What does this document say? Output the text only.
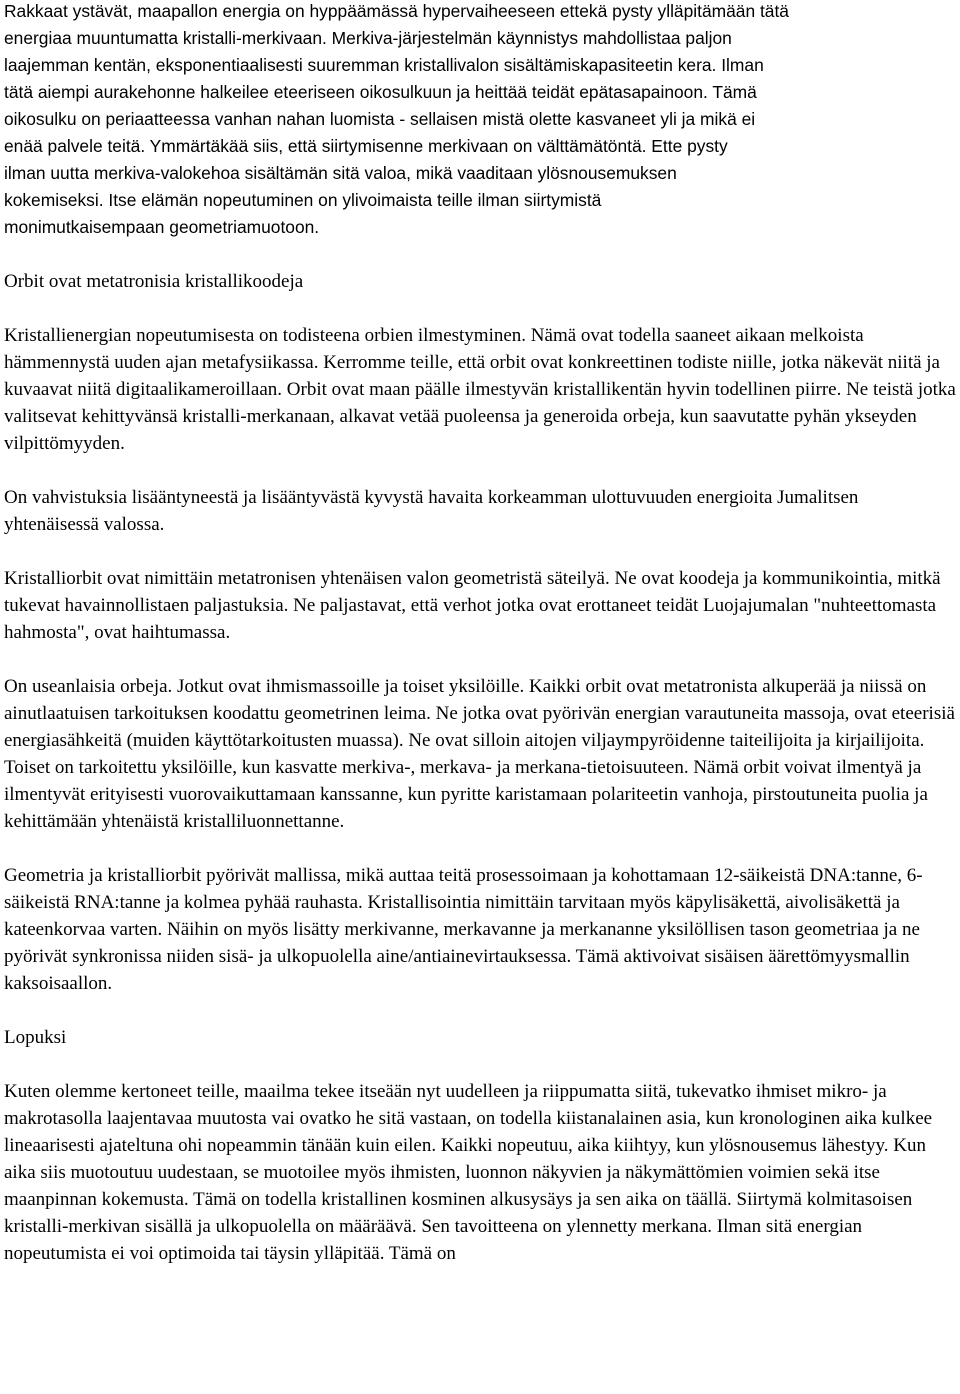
Rakkaat ystävät, maapallon energia on hyppäämässä hypervaiheeseen ettekä pysty ylläpitämään tätä
energiaa muuntumatta kristalli-merkivaan. Merkiva-järjestelmän käynnistys mahdollistaa paljon
laajemman kentän, eksponentiaalisesti suuremman kristallivalon sisältämiskapasiteetin kera. Ilman
tätä aiempi aurakehonne halkeilee eteeriseen oikosulkuun ja heittää teidät epätasapainoon. Tämä
oikosulku on periaatteessa vanhan nahan luomista - sellaisen mistä olette kasvaneet yli ja mikä ei
enää palvele teitä. Ymmärtäkää siis, että siirtymisenne merkivaan on välttämätöntä. Ette pysty
ilman uutta merkiva-valokehoa sisältämän sitä valoa, mikä vaaditaan ylösnousemuksen
kokemiseksi. Itse elämän nopeutuminen on ylivoimaista teille ilman siirtymistä
monimutkaisempaan geometriamuotoon.
Orbit ovat metatronisia kristallikoodeja

Kristallienergian nopeutumisesta on todisteena orbien ilmestyminen. Nämä ovat todella saaneet aikaan melkoista hämmennystä uuden ajan metafysiikassa. Kerromme teille, että orbit ovat konkreettinen todiste niille, jotka näkevät niitä ja kuvaavat niitä digitaalikameroillaan. Orbit ovat maan päälle ilmestyvän kristallikentän hyvin todellinen piirre. Ne teistä jotka valitsevat kehittyvänsä kristalli-merkanaan, alkavat vetää puoleensa ja generoida orbeja, kun saavutatte pyhän ykseyden vilpittömyyden.

On vahvistuksia lisääntyneestä ja lisääntyvästä kyvystä havaita korkeamman ulottuvuuden energioita Jumalitsen yhtenäisessä valossa.

Kristalliorbit ovat nimittäin metatronisen yhtenäisen valon geometristä säteilyä. Ne ovat koodeja ja kommunikointia, mitkä tukevat havainnollistaen paljastuksia. Ne paljastavat, että verhot jotka ovat erottaneet teidät Luojajumalan "nuhteettomasta hahmosta", ovat haihtumassa.

On useanlaisia orbeja. Jotkut ovat ihmismassoille ja toiset yksilöille. Kaikki orbit ovat metatronista alkuperää ja niissä on ainutlaatuisen tarkoituksen koodattu geometrinen leima. Ne jotka ovat pyörivän energian varautuneita massoja, ovat eteerisiä energiasähkeitä (muiden käyttötarkoitusten muassa). Ne ovat silloin aitojen viljaympyröidenne taiteilijoita ja kirjailijoita. Toiset on tarkoitettu yksilöille, kun kasvatte merkiva-, merkava- ja merkana-tietoisuuteen. Nämä orbit voivat ilmentyä ja ilmentyvät erityisesti vuorovaikuttamaan kanssanne, kun pyritte karistamaan polariteetin vanhoja, pirstoutuneita puolia ja kehittämään yhtenäistä kristalliluonnettanne.

Geometria ja kristalliorbit pyörivät mallissa, mikä auttaa teitä prosessoimaan ja kohottamaan 12-säikeistä DNA:tanne, 6-säikeistä RNA:tanne ja kolmea pyhää rauhasta. Kristallisointia nimittäin tarvitaan myös käpylisäkettä, aivolisäkettä ja kateenkorvaa varten. Näihin on myös lisätty merkivanne, merkavanne ja merkananne yksilöllisen tason geometriaa ja ne pyörivät synkronissa niiden sisä- ja ulkopuolella aine/antiainevirtauksessa. Tämä aktivoivat sisäisen äärettömyysmallin kaksoisaallon.

Lopuksi

Kuten olemme kertoneet teille, maailma tekee itseään nyt uudelleen ja riippumatta siitä, tukevatko ihmiset mikro- ja makrotasolla laajentavaa muutosta vai ovatko he sitä vastaan, on todella kiistanalainen asia, kun kronologinen aika kulkee lineaarisesti ajateltuna ohi nopeammin tänään kuin eilen. Kaikki nopeutuu, aika kiihtyy, kun ylösnousemus lähestyy. Kun aika siis muotoutuu uudestaan, se muotoilee myös ihmisten, luonnon näkyvien ja näkymättömien voimien sekä itse maanpinnan kokemusta. Tämä on todella kristallinen kosminen alkusysäys ja sen aika on täällä. Siirtymä kolmitasoisen kristalli-merkivan sisällä ja ulkopuolella on määräävä. Sen tavoitteena on ylennetty merkana. Ilman sitä energian nopeutumista ei voi optimoida tai täysin ylläpitää. Tämä on
